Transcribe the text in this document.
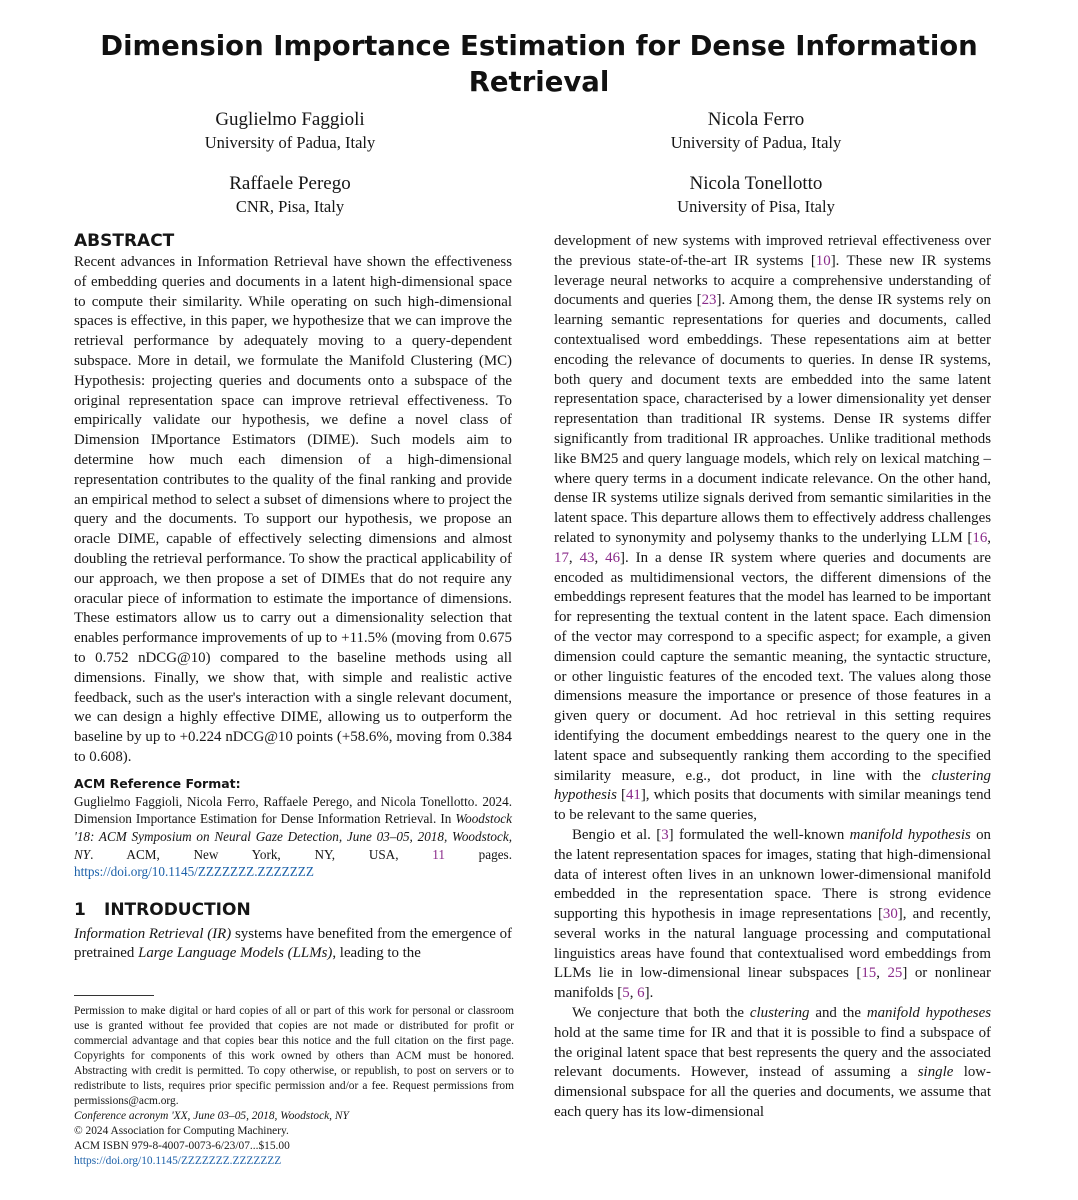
Dimension Importance Estimation for Dense Information
Retrieval
Guglielmo Faggioli
University of Padua, Italy
Nicola Ferro
University of Padua, Italy
Raffaele Perego
CNR, Pisa, Italy
Nicola Tonellotto
University of Pisa, Italy
ABSTRACT

Recent advances in Information Retrieval have shown the effectiveness of embedding queries and documents in a latent high-dimensional space to compute their similarity. While operating on such high-dimensional spaces is effective, in this paper, we hypothesize that we can improve the retrieval performance by adequately moving to a query-dependent subspace. More in detail, we formulate the Manifold Clustering (MC) Hypothesis: projecting queries and documents onto a subspace of the original representation space can improve retrieval effectiveness. To empirically validate our hypothesis, we define a novel class of Dimension IMportance Estimators (DIME). Such models aim to determine how much each dimension of a high-dimensional representation contributes to the quality of the final ranking and provide an empirical method to select a subset of dimensions where to project the query and the documents. To support our hypothesis, we propose an oracle DIME, capable of effectively selecting dimensions and almost doubling the retrieval performance. To show the practical applicability of our approach, we then propose a set of DIMEs that do not require any oracular piece of information to estimate the importance of dimensions. These estimators allow us to carry out a dimensionality selection that enables performance improvements of up to +11.5% (moving from 0.675 to 0.752 nDCG@10) compared to the baseline methods using all dimensions. Finally, we show that, with simple and realistic active feedback, such as the user's interaction with a single relevant document, we can design a highly effective DIME, allowing us to outperform the baseline by up to +0.224 nDCG@10 points (+58.6%, moving from 0.384 to 0.608).

ACM Reference Format:

Guglielmo Faggioli, Nicola Ferro, Raffaele Perego, and Nicola Tonellotto. 2024. Dimension Importance Estimation for Dense Information Retrieval. In Woodstock '18: ACM Symposium on Neural Gaze Detection, June 03–05, 2018, Woodstock, NY. ACM, New York, NY, USA, 11 pages. https://doi.org/10.1145/ZZZZZZZ.ZZZZZZZ

1 INTRODUCTION

Information Retrieval (IR) systems have benefited from the emergence of pretrained Large Language Models (LLMs), leading to the

development of new systems with improved retrieval effectiveness over the previous state-of-the-art IR systems [10]. These new IR systems leverage neural networks to acquire a comprehensive understanding of documents and queries [23]. Among them, the dense IR systems rely on learning semantic representations for queries and documents, called contextualised word embeddings. These repesentations aim at better encoding the relevance of documents to queries. In dense IR systems, both query and document texts are embedded into the same latent representation space, characterised by a lower dimensionality yet denser representation than traditional IR systems. Dense IR systems differ significantly from traditional IR approaches. Unlike traditional methods like BM25 and query language models, which rely on lexical matching – where query terms in a document indicate relevance. On the other hand, dense IR systems utilize signals derived from semantic similarities in the latent space. This departure allows them to effectively address challenges related to synonymity and polysemy thanks to the underlying LLM [16, 17, 43, 46]. In a dense IR system where queries and documents are encoded as multidimensional vectors, the different dimensions of the embeddings represent features that the model has learned to be important for representing the textual content in the latent space. Each dimension of the vector may correspond to a specific aspect; for example, a given dimension could capture the semantic meaning, the syntactic structure, or other linguistic features of the encoded text. The values along those dimensions measure the importance or presence of those features in a given query or document. Ad hoc retrieval in this setting requires identifying the document embeddings nearest to the query one in the latent space and subsequently ranking them according to the specified similarity measure, e.g., dot product, in line with the clustering hypothesis [41], which posits that documents with similar meanings tend to be relevant to the same queries,

Bengio et al. [3] formulated the well-known manifold hypothesis on the latent representation spaces for images, stating that high-dimensional data of interest often lives in an unknown lower-dimensional manifold embedded in the representation space. There is strong evidence supporting this hypothesis in image representations [30], and recently, several works in the natural language processing and computational linguistics areas have found that contextualised word embeddings from LLMs lie in low-dimensional linear subspaces [15, 25] or nonlinear manifolds [5, 6].

We conjecture that both the clustering and the manifold hypotheses hold at the same time for IR and that it is possible to find a subspace of the original latent space that best represents the query and the associated relevant documents. However, instead of assuming a single low-dimensional subspace for all the queries and documents, we assume that each query has its low-dimensional

Permission to make digital or hard copies of all or part of this work for personal or classroom use is granted without fee provided that copies are not made or distributed for profit or commercial advantage and that copies bear this notice and the full citation on the first page. Copyrights for components of this work owned by others than ACM must be honored. Abstracting with credit is permitted. To copy otherwise, or republish, to post on servers or to redistribute to lists, requires prior specific permission and/or a fee. Request permissions from permissions@acm.org.

Conference acronym 'XX, June 03–05, 2018, Woodstock, NY

© 2024 Association for Computing Machinery.

ACM ISBN 979-8-4007-0073-6/23/07...$15.00

https://doi.org/10.1145/ZZZZZZZ.ZZZZZZZ
